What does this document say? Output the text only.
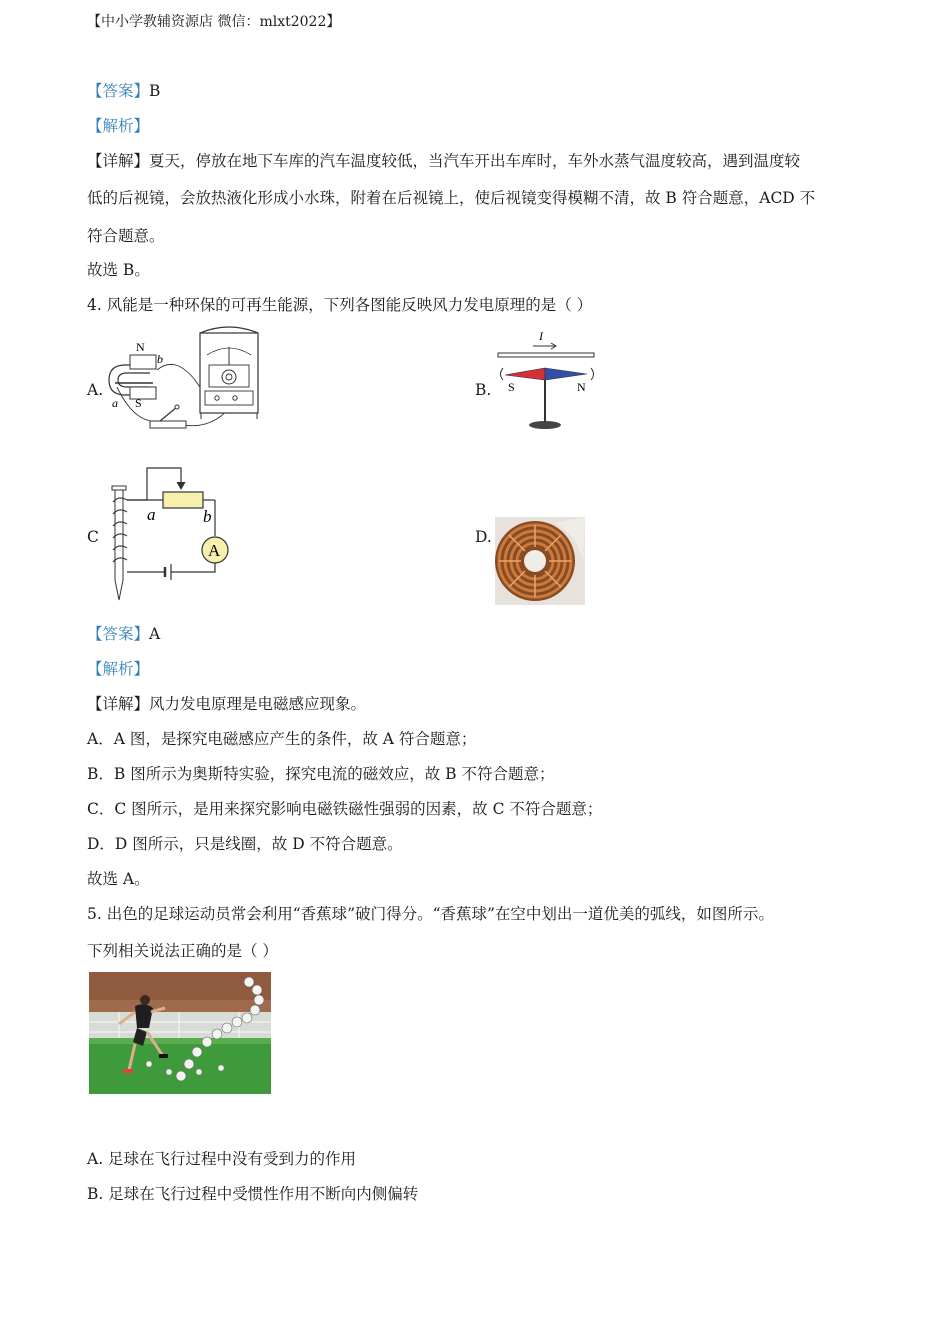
【中小学教辅资源店 微信：mlxt2022】
【答案】B
【解析】
【详解】夏天，停放在地下车库的汽车温度较低，当汽车开出车库时，车外水蒸气温度较高，遇到温度较
低的后视镜，会放热液化形成小水珠，附着在后视镜上，使后视镜变得模糊不清，故 B 符合题意，ACD 不
符合题意。
故选 B。
4. 风能是一种环保的可再生能源，下列各图能反映风力发电原理的是（ ）
A.	B.
C	D.
N
S
a
b
I
S	N
A
a	b
【答案】A
【解析】
【详解】风力发电原理是电磁感应现象。
A．A 图，是探究电磁感应产生的条件，故 A 符合题意；
B．B 图所示为奥斯特实验，探究电流的磁效应，故 B 不符合题意；
C．C 图所示，是用来探究影响电磁铁磁性强弱的因素，故 C 不符合题意；
D．D 图所示，只是线圈，故 D 不符合题意。
故选 A。
5. 出色的足球运动员常会利用“香蕉球”破门得分。“香蕉球”在空中划出一道优美的弧线，如图所示。
下列相关说法正确的是（ ）
A. 足球在飞行过程中没有受到力的作用
B. 足球在飞行过程中受惯性作用不断向内侧偏转
